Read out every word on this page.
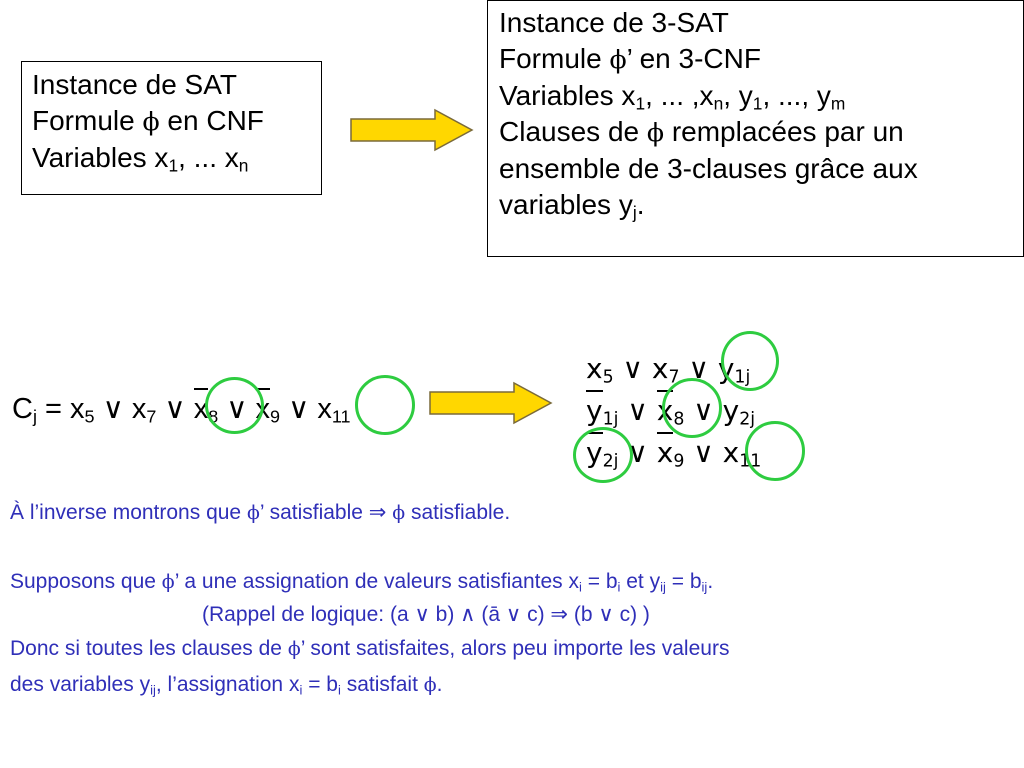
Instance de SAT
Formule ϕ en CNF
Variables $x_1$, ... $x_n$
Instance de 3-SAT
Formule ϕ’ en 3-CNF
Variables $x_1$, ... $,x_n$, $y_1$, ..., $y_m$
Clauses de ϕ remplacées par un
ensemble de 3-clauses grâce aux
variables $y_j$.
$C_j = x_5$ ∨ $x_7$ ∨ $x_8$ ∨ $x_9$ ∨ $x_{11}$
$x_5$ ∨ $x_7$ ∨ $y_{1j}$
$y_{1j}$ ∨ $x_8$ ∨ $y_{2j}$
$y_{2j}$ ∨ $x_9$ ∨ $x_{11}$
À l’inverse montrons que ϕ’ satisfiable ⇒ ϕ satisfiable.
Supposons que ϕ’ a une assignation de valeurs satisfiantes $x_i = b_i$ et $y_{ij} = b_{ij}$.
(Rappel de logique: (a ∨ b) ∧ (ā ∨ c) ⇒ (b ∨ c) )
Donc si toutes les clauses de ϕ’ sont satisfaites, alors peu importe les valeurs
des variables $y_{ij}$, l’assignation $x_i = b_i$ satisfait ϕ.
